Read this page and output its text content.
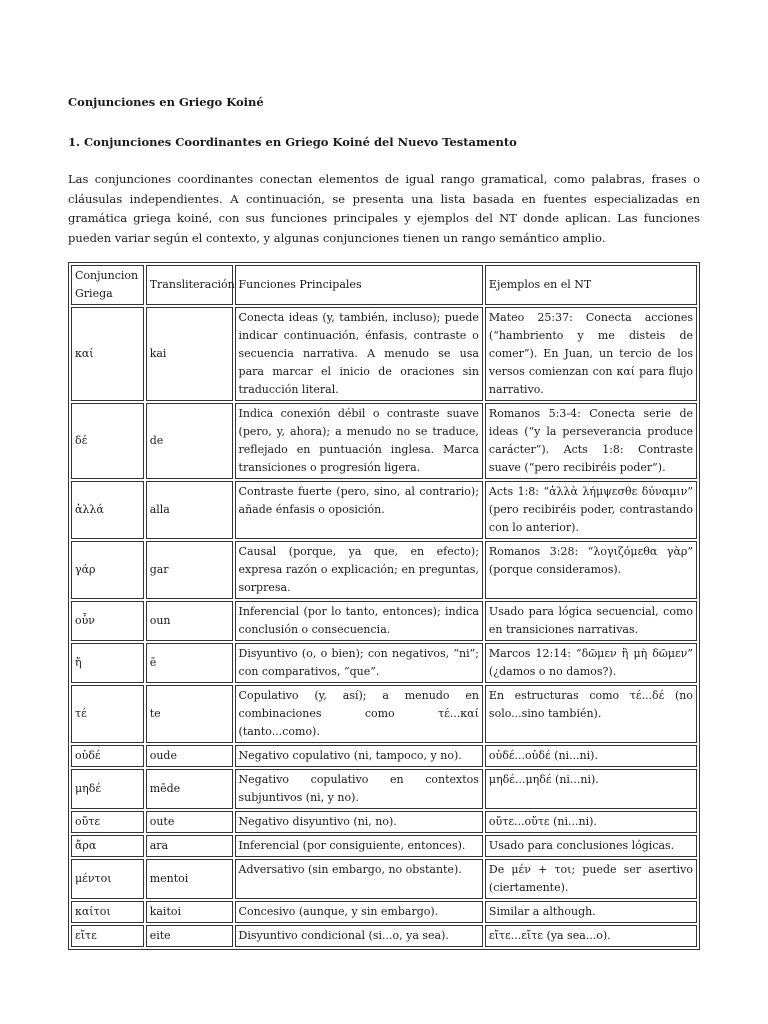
Conjunciones en Griego Koiné
1. Conjunciones Coordinantes en Griego Koiné del Nuevo Testamento

Las conjunciones coordinantes conectan elementos de igual rango gramatical, como palabras, frases o cláusulas independientes. A continuación, se presenta una lista basada en fuentes especializadas en gramática griega koiné, con sus funciones principales y ejemplos del NT donde aplican. Las funciones pueden variar según el contexto, y algunas conjunciones tienen un rango semántico amplio.

Conjuncion Griega	Transliteración	Funciones Principales	Ejemplos en el NT
καί	kai	Conecta ideas (y, también, incluso); puede indicar continuación, énfasis, contraste o secuencia narrativa. A menudo se usa para marcar el inicio de oraciones sin traducción literal.	Mateo 25:37: Conecta acciones (“hambriento y me disteis de comer”). En Juan, un tercio de los versos comienzan con καί para flujo narrativo.
δέ	de	Indica conexión débil o contraste suave (pero, y, ahora); a menudo no se traduce, reflejado en puntuación inglesa. Marca transiciones o progresión ligera.	Romanos 5:3-4: Conecta serie de ideas (“y la perseverancia produce carácter”). Acts 1:8: Contraste suave (“pero recibiréis poder”).
ἀλλά	alla	Contraste fuerte (pero, sino, al contrario); añade énfasis o oposición.	Acts 1:8: “ἀλλὰ λήμψεσθε δύναμιν” (pero recibiréis poder, contrastando con lo anterior).
γάρ	gar	Causal (porque, ya que, en efecto); expresa razón o explicación; en preguntas, sorpresa.	Romanos 3:28: “λογιζόμεθα γὰρ” (porque consideramos).
οὖν	oun	Inferencial (por lo tanto, entonces); indica conclusión o consecuencia.	Usado para lógica secuencial, como en transiciones narrativas.
ἤ	ē	Disyuntivo (o, o bien); con negativos, “ni”; con comparativos, “que”.	Marcos 12:14: “δῶμεν ἢ μὴ δῶμεν” (¿damos o no damos?).
τέ	te	Copulativo (y, así); a menudo en combinaciones como τέ...καί (tanto...como).	En estructuras como τέ...δέ (no solo...sino también).
οὐδέ	oude	Negativo copulativo (ni, tampoco, y no).	οὐδέ...οὐδέ (ni...ni).
μηδέ	mēde	Negativo copulativo en contextos subjuntivos (ni, y no).	μηδέ...μηδέ (ni...ni).
οὔτε	oute	Negativo disyuntivo (ni, no).	οὔτε...οὔτε (ni...ni).
ἄρα	ara	Inferencial (por consiguiente, entonces).	Usado para conclusiones lógicas.
μέντοι	mentoi	Adversativo (sin embargo, no obstante).	De μέν + τοι; puede ser asertivo (ciertamente).
καίτοι	kaitoi	Concesivo (aunque, y sin embargo).	Similar a although.
εἴτε	eite	Disyuntivo condicional (si...o, ya sea).	εἴτε...εἴτε (ya sea...o).
